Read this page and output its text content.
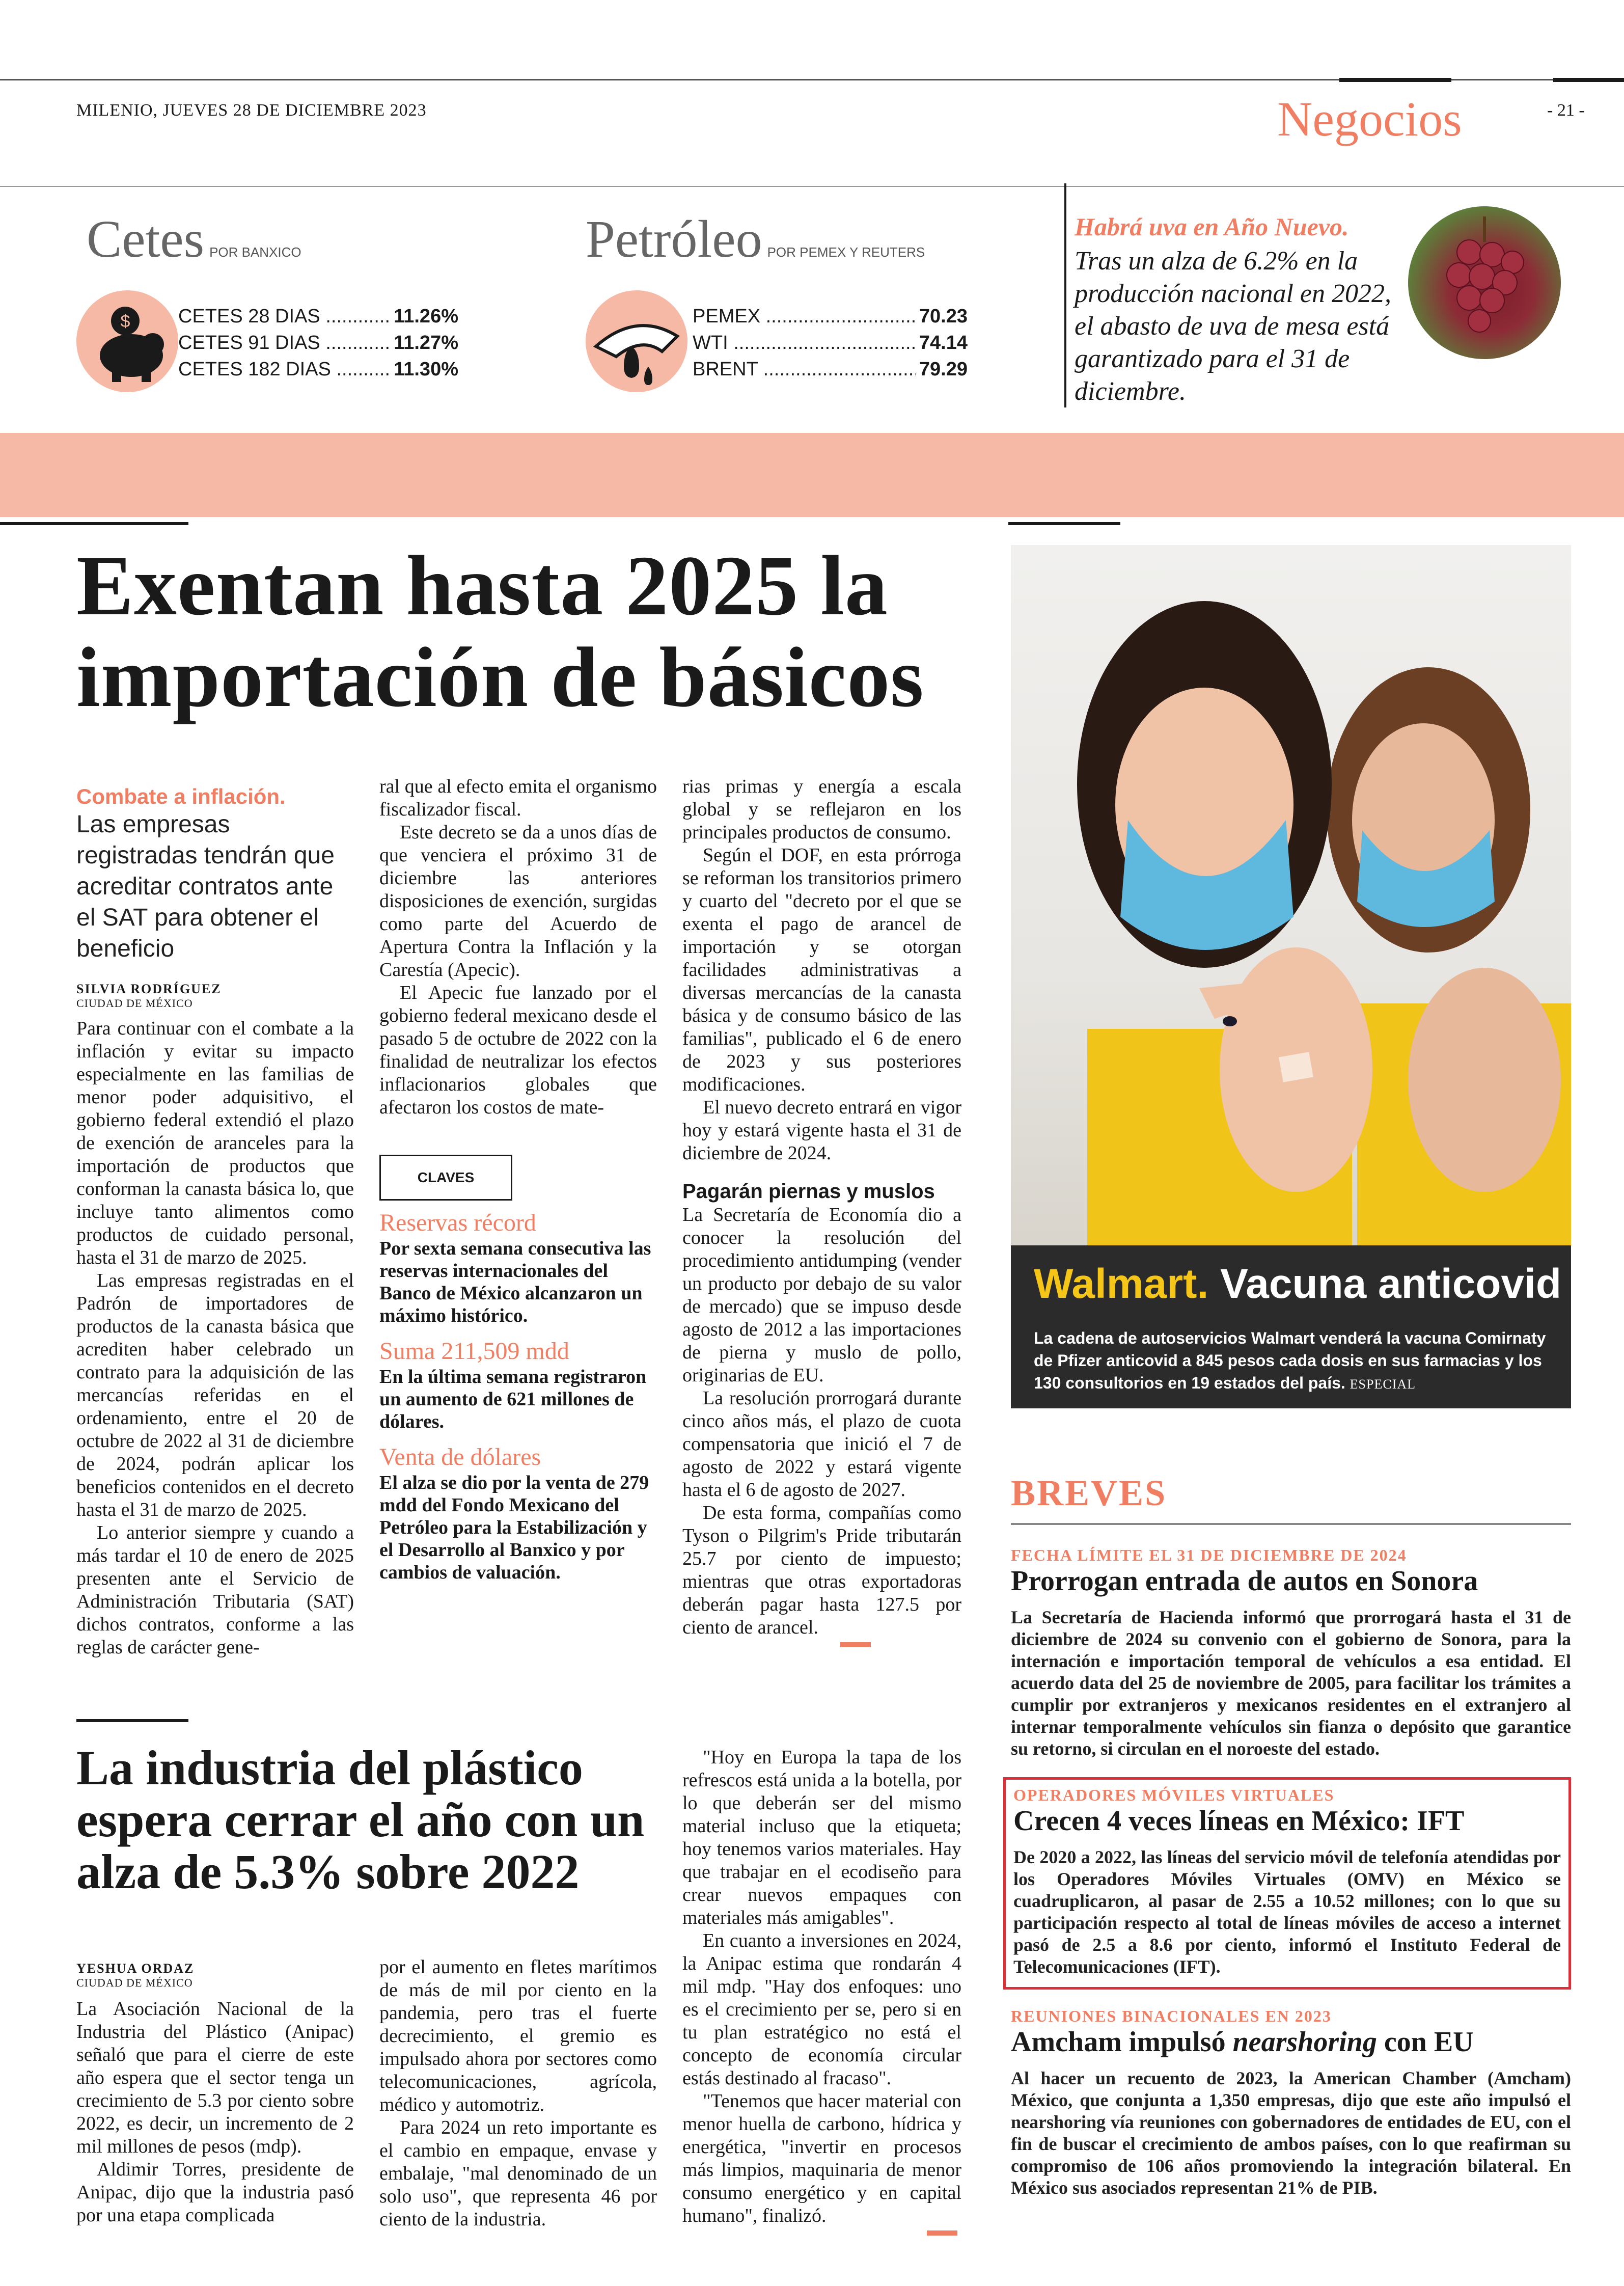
MILENIO, JUEVES 28 DE DICIEMBRE 2023	Negocios	- 21 -
Cetes POR BANXICO
$ CETES 28 DIAS .....	11.26%
CETES 91 DIAS .....	11.27%
CETES 182 DIAS .....	11.30%
Petróleo POR PEMEX Y REUTERS
PEMEX .....	70.23
WTI .....	74.14
BRENT .....	79.29
Habrá uva en Año Nuevo.
Tras un alza de 6.2% en la producción nacional en 2022, el abasto de uva de mesa está garantizado para el 31 de diciembre.
Exentan hasta 2025 la
importación de básicos
Combate a inflación.
Las empresas registradas tendrán que acreditar contratos ante el SAT para obtener el beneficio
SILVIA RODRÍGUEZ
CIUDAD DE MÉXICO

Para continuar con el combate a la inflación y evitar su impacto especialmente en las familias de menor poder adquisitivo, el gobierno federal extendió el plazo de exención de aranceles para la importación de productos que conforman la canasta básica lo, que incluye tanto alimentos como productos de cuidado personal, hasta el 31 de marzo de 2025.

Las empresas registradas en el Padrón de importadores de productos de la canasta básica que acrediten haber celebrado un contrato para la adquisición de las mercancías referidas en el ordenamiento, entre el 20 de octubre de 2022 al 31 de diciembre de 2024, podrán aplicar los beneficios contenidos en el decreto hasta el 31 de marzo de 2025.

Lo anterior siempre y cuando a más tardar el 10 de enero de 2025 presenten ante el Servicio de Administración Tributaria (SAT) dichos contratos, conforme a las reglas de carácter gene-

ral que al efecto emita el organismo fiscalizador fiscal.

Este decreto se da a unos días de que venciera el próximo 31 de diciembre las anteriores disposiciones de exención, surgidas como parte del Acuerdo de Apertura Contra la Inflación y la Carestía (Apecic).

El Apecic fue lanzado por el gobierno federal mexicano desde el pasado 5 de octubre de 2022 con la finalidad de neutralizar los efectos inflacionarios globales que afectaron los costos de mate-

CLAVES
Reservas récord

Por sexta semana consecutiva las reservas internacionales del Banco de México alcanzaron un máximo histórico.

Suma 211,509 mdd

En la última semana registraron un aumento de 621 millones de dólares.

Venta de dólares

El alza se dio por la venta de 279 mdd del Fondo Mexicano del Petróleo para la Estabilización y el Desarrollo al Banxico y por cambios de valuación.

rias primas y energía a escala global y se reflejaron en los principales productos de consumo.

Según el DOF, en esta prórroga se reforman los transitorios primero y cuarto del "decreto por el que se exenta el pago de arancel de importación y se otorgan facilidades administrativas a diversas mercancías de la canasta básica y de consumo básico de las familias", publicado el 6 de enero de 2023 y sus posteriores modificaciones.

El nuevo decreto entrará en vigor hoy y estará vigente hasta el 31 de diciembre de 2024.

Pagarán piernas y muslos

La Secretaría de Economía dio a conocer la resolución del procedimiento antidumping (vender un producto por debajo de su valor de mercado) que se impuso desde agosto de 2012 a las importaciones de pierna y muslo de pollo, originarias de EU.

La resolución prorrogará durante cinco años más, el plazo de cuota compensatoria que inició el 7 de agosto de 2022 y estará vigente hasta el 6 de agosto de 2027.

De esta forma, compañías como Tyson o Pilgrim's Pride tributarán 25.7 por ciento de impuesto; mientras que otras exportadoras deberán pagar hasta 127.5 por ciento de arancel.

Walmart. Vacuna anticovid
La cadena de autoservicios Walmart venderá la vacuna Comirnaty de Pfizer anticovid a 845 pesos cada dosis en sus farmacias y los 130 consultorios en 19 estados del país. ESPECIAL
BREVES
FECHA LÍMITE EL 31 DE DICIEMBRE DE 2024
Prorrogan entrada de autos en Sonora
La Secretaría de Hacienda informó que prorrogará hasta el 31 de diciembre de 2024 su convenio con el gobierno de Sonora, para la internación e importación temporal de vehículos a esa entidad. El acuerdo data del 25 de noviembre de 2005, para facilitar los trámites a cumplir por extranjeros y mexicanos residentes en el extranjero al internar temporalmente vehículos sin fianza o depósito que garantice su retorno, si circulan en el noroeste del estado.
OPERADORES MÓVILES VIRTUALES
Crecen 4 veces líneas en México: IFT
De 2020 a 2022, las líneas del servicio móvil de telefonía atendidas por los Operadores Móviles Virtuales (OMV) en México se cuadruplicaron, al pasar de 2.55 a 10.52 millones; con lo que su participación respecto al total de líneas móviles de acceso a internet pasó de 2.5 a 8.6 por ciento, informó el Instituto Federal de Telecomunicaciones (IFT).
REUNIONES BINACIONALES EN 2023
Amcham impulsó nearshoring con EU
Al hacer un recuento de 2023, la American Chamber (Amcham) México, que conjunta a 1,350 empresas, dijo que este año impulsó el nearshoring vía reuniones con gobernadores de entidades de EU, con el fin de buscar el crecimiento de ambos países, con lo que reafirman su compromiso de 106 años promoviendo la integración bilateral. En México sus asociados representan 21% de PIB.
La industria del plástico espera cerrar el año con un alza de 5.3% sobre 2022
YESHUA ORDAZ
CIUDAD DE MÉXICO

La Asociación Nacional de la Industria del Plástico (Anipac) señaló que para el cierre de este año espera que el sector tenga un crecimiento de 5.3 por ciento sobre 2022, es decir, un incremento de 2 mil millones de pesos (mdp).

Aldimir Torres, presidente de Anipac, dijo que la industria pasó por una etapa complicada

por el aumento en fletes marítimos de más de mil por ciento en la pandemia, pero tras el fuerte decrecimiento, el gremio es impulsado ahora por sectores como telecomunicaciones, agrícola, médico y automotriz.

Para 2024 un reto importante es el cambio en empaque, envase y embalaje, "mal denominado de un solo uso", que representa 46 por ciento de la industria.

"Hoy en Europa la tapa de los refrescos está unida a la botella, por lo que deberán ser del mismo material incluso que la etiqueta; hoy tenemos varios materiales. Hay que trabajar en el ecodiseño para crear nuevos empaques con materiales más amigables".

En cuanto a inversiones en 2024, la Anipac estima que rondarán 4 mil mdp. "Hay dos enfoques: uno es el crecimiento per se, pero si en tu plan estratégico no está el concepto de economía circular estás destinado al fracaso".

"Tenemos que hacer material con menor huella de carbono, hídrica y energética, "invertir en procesos más limpios, maquinaria de menor consumo energético y en capital humano", finalizó.
